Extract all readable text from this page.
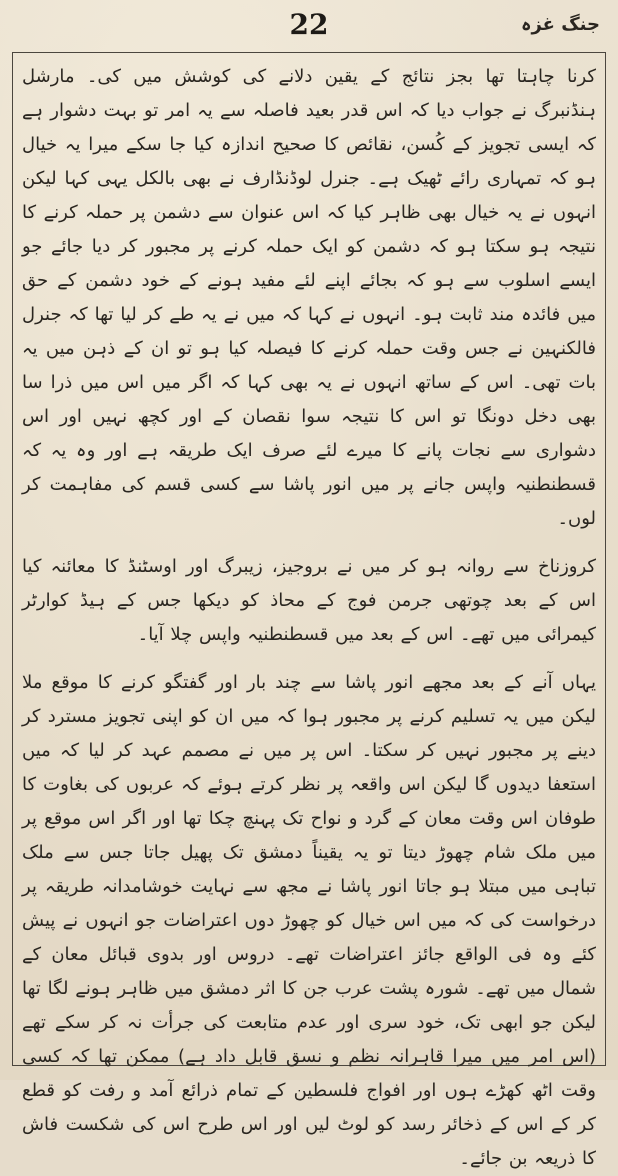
22	جنگ غزہ

کرنا چاہتا تھا بجز نتائج کے یقین دلانے کی کوشش میں کی۔ مارشل ہنڈنبرگ نے جواب دیا کہ اس قدر بعید فاصلہ سے یہ امر تو بہت دشوار ہے کہ ایسی تجویز کے کُسن، نقائص کا صحیح اندازہ کیا جا سکے میرا یہ خیال ہو کہ تمہاری رائے ٹھیک ہے۔ جنرل لوڈنڈارف نے بھی بالکل یہی کہا لیکن انہوں نے یہ خیال بھی ظاہر کیا کہ اس عنوان سے دشمن پر حملہ کرنے کا نتیجہ ہو سکتا ہو کہ دشمن کو ایک حملہ کرنے پر مجبور کر دیا جائے جو ایسے اسلوب سے ہو کہ بجائے اپنے لئے مفید ہونے کے خود دشمن کے حق میں فائدہ مند ثابت ہو۔ انہوں نے کہا کہ میں نے یہ طے کر لیا تھا کہ جنرل فالکنہین نے جس وقت حملہ کرنے کا فیصلہ کیا ہو تو ان کے ذہن میں یہ بات تھی۔ اس کے ساتھ انہوں نے یہ بھی کہا کہ اگر میں اس میں ذرا سا بھی دخل دونگا تو اس کا نتیجہ سوا نقصان کے اور کچھ نہیں اور اس دشواری سے نجات پانے کا میرے لئے صرف ایک طریقہ ہے اور وہ یہ کہ قسطنطنیہ واپس جانے پر میں انور پاشا سے کسی قسم کی مفاہمت کر لوں۔

کروزناخ سے روانہ ہو کر میں نے بروجیز، زیبرگ اور اوسٹنڈ کا معائنہ کیا اس کے بعد چوتھی جرمن فوج کے محاذ کو دیکھا جس کے ہیڈ کوارٹر کیمرائی میں تھے۔ اس کے بعد میں قسطنطنیہ واپس چلا آیا۔

یہاں آنے کے بعد مجھے انور پاشا سے چند بار اور گفتگو کرنے کا موقع ملا لیکن میں یہ تسلیم کرنے پر مجبور ہوا کہ میں ان کو اپنی تجویز مسترد کر دینے پر مجبور نہیں کر سکتا۔ اس پر میں نے مصمم عہد کر لیا کہ میں استعفا دیدوں گا لیکن اس واقعہ پر نظر کرتے ہوئے کہ عربوں کی بغاوت کا طوفان اس وقت معان کے گرد و نواح تک پہنچ چکا تھا اور اگر اس موقع پر میں ملک شام چھوڑ دیتا تو یہ یقیناً دمشق تک پھیل جاتا جس سے ملک تباہی میں مبتلا ہو جاتا انور پاشا نے مجھ سے نہایت خوشامدانہ طریقہ پر درخواست کی کہ میں اس خیال کو چھوڑ دوں اعتراضات جو انہوں نے پیش کئے وہ فی الواقع جائز اعتراضات تھے۔ دروس اور بدوی قبائل معان کے شمال میں تھے۔ شورہ پشت عرب جن کا اثر دمشق میں ظاہر ہونے لگا تھا لیکن جو ابھی تک، خود سری اور عدم متابعت کی جرأت نہ کر سکے تھے (اس امر میں میرا قاہرانہ نظم و نسق قابل داد ہے) ممکن تھا کہ کسی وقت اٹھ کھڑے ہوں اور افواج فلسطین کے تمام ذرائع آمد و رفت کو قطع کر کے اس کے ذخائر رسد کو لوٹ لیں اور اس طرح اس کی شکست فاش کا ذریعہ بن جائے۔
